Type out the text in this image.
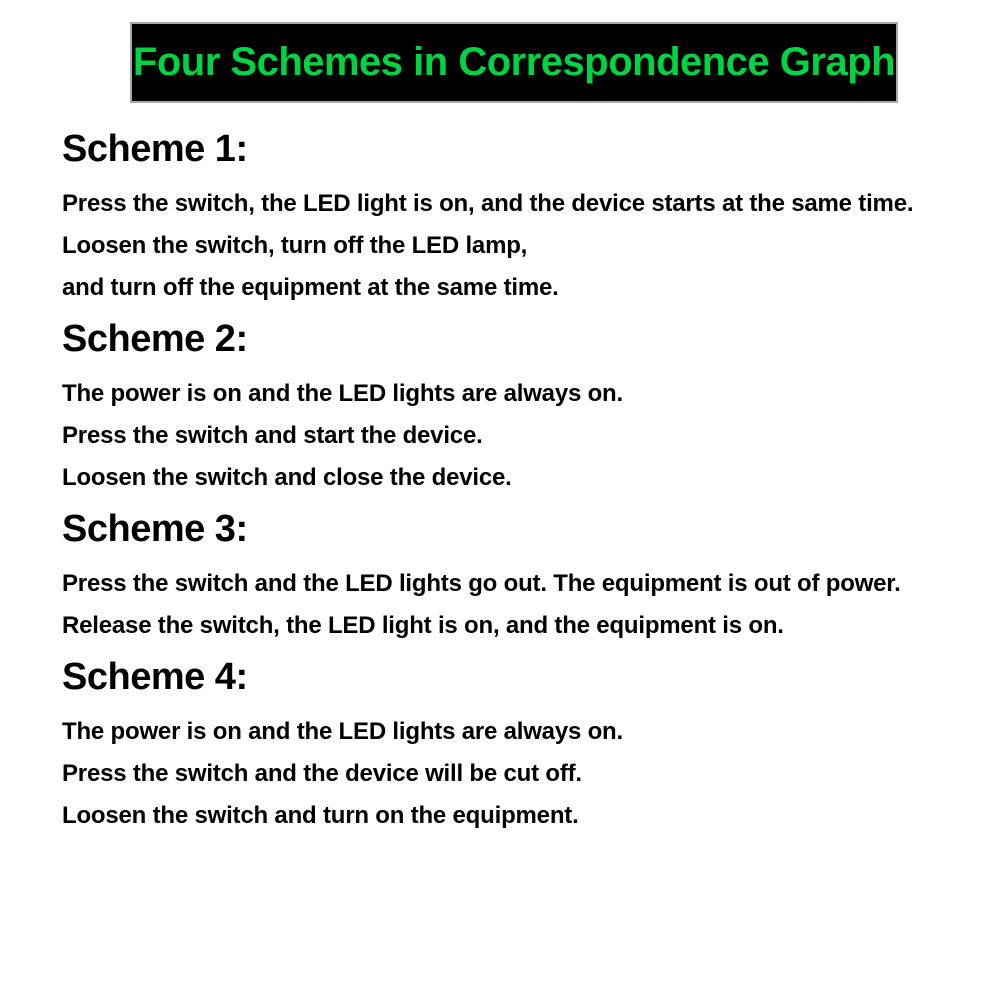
Four Schemes in Correspondence Graph
Scheme 1:
Press the switch, the LED light is on, and the device starts at the same time.
Loosen the switch, turn off the LED lamp,
and turn off the equipment at the same time.
Scheme 2:
The power is on and the LED lights are always on.
Press the switch and start the device.
Loosen the switch and close the device.
Scheme 3:
Press the switch and the LED lights go out. The equipment is out of power.
Release the switch, the LED light is on, and the equipment is on.
Scheme 4:
The power is on and the LED lights are always on.
Press the switch and the device will be cut off.
Loosen the switch and turn on the equipment.
